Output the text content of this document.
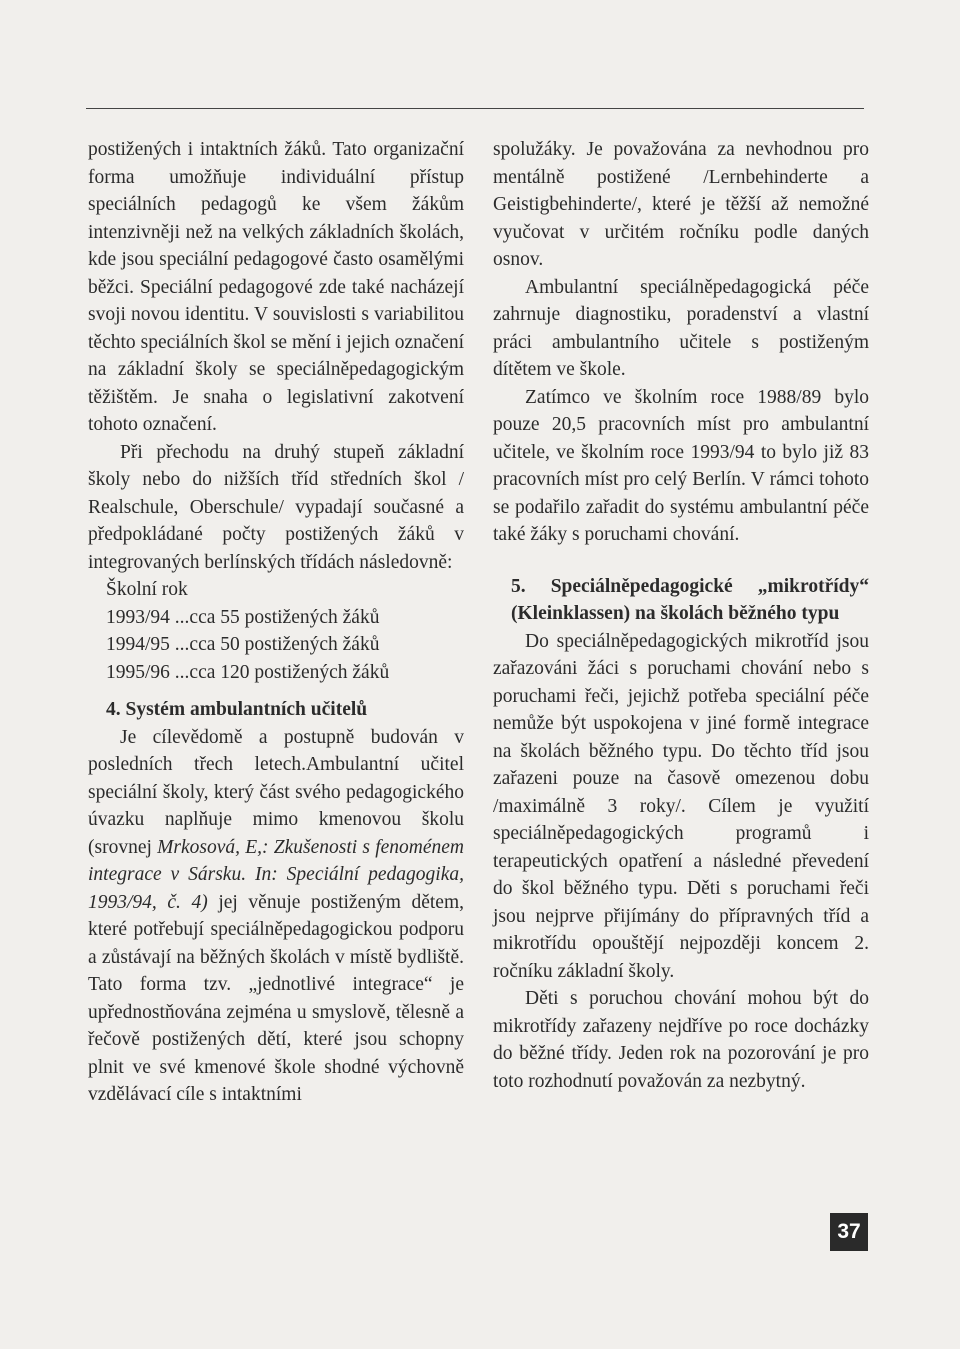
postižených i intaktních žáků. Tato organizační forma umožňuje individuální přístup speciálních pedagogů ke všem žákům intenzivněji než na velkých základních školách, kde jsou speciální pedagogové často osamělými běžci. Speciální pedagogové zde také nacházejí svoji novou identitu. V souvislosti s variabilitou těchto speciálních škol se mění i jejich označení na základní školy se speciálněpedagogickým těžištěm. Je snaha o legislativní zakotvení tohoto označení.

Při přechodu na druhý stupeň základní školy nebo do nižších tříd středních škol / Realschule, Oberschule/ vypadají současné a předpokládané počty postižených žáků v integrovaných berlínských třídách následovně:

Školní rok

1993/94 ...cca 55 postižených žáků

1994/95 ...cca 50 postižených žáků

1995/96 ...cca 120 postižených žáků

4. Systém ambulantních učitelů

Je cílevědomě a postupně budován v posledních třech letech.Ambulantní učitel speciální školy, který část svého pedagogického úvazku naplňuje mimo kmenovou školu (srovnej Mrkosová, E,: Zkušenosti s fenoménem integrace v Sársku. In: Speciální pedagogika, 1993/94, č. 4) jej věnuje postiženým dětem, které potřebují speciálněpedagogickou podporu a zůstávají na běžných školách v místě bydliště. Tato forma tzv. „jednotlivé integrace“ je upřednostňována zejména u smyslově, tělesně a řečově postižených dětí, které jsou schopny plnit ve své kmenové škole shodné výchovně vzdělávací cíle s intaktními

spolužáky. Je považována za nevhodnou pro mentálně postižené /Lernbehinderte a Geistigbehinderte/, které je těžší až nemožné vyučovat v určitém ročníku podle daných osnov.

Ambulantní speciálněpedagogická péče zahrnuje diagnostiku, poradenství a vlastní práci ambulantního učitele s postiženým dítětem ve škole.

Zatímco ve školním roce 1988/89 bylo pouze 20,5 pracovních míst pro ambulantní učitele, ve školním roce 1993/94 to bylo již 83 pracovních míst pro celý Berlín. V rámci tohoto se podařilo zařadit do systému ambulantní péče také žáky s poruchami chování.

5. Speciálněpedagogické „mikrotřídy“ (Kleinklassen) na školách běžného typu

Do speciálněpedagogických mikrotříd jsou zařazováni žáci s poruchami chování nebo s poruchami řeči, jejichž potřeba speciální péče nemůže být uspokojena v jiné formě integrace na školách běžného typu. Do těchto tříd jsou zařazeni pouze na časově omezenou dobu /maximálně 3 roky/. Cílem je využití speciálněpedagogických programů i terapeutických opatření a následné převedení do škol běžného typu. Děti s poruchami řeči jsou nejprve přijímány do přípravných tříd a mikrotřídu opouštějí nejpozději koncem 2. ročníku základní školy.

Děti s poruchou chování mohou být do mikrotřídy zařazeny nejdříve po roce docházky do běžné třídy. Jeden rok na pozorování je pro toto rozhodnutí považován za nezbytný.

37
